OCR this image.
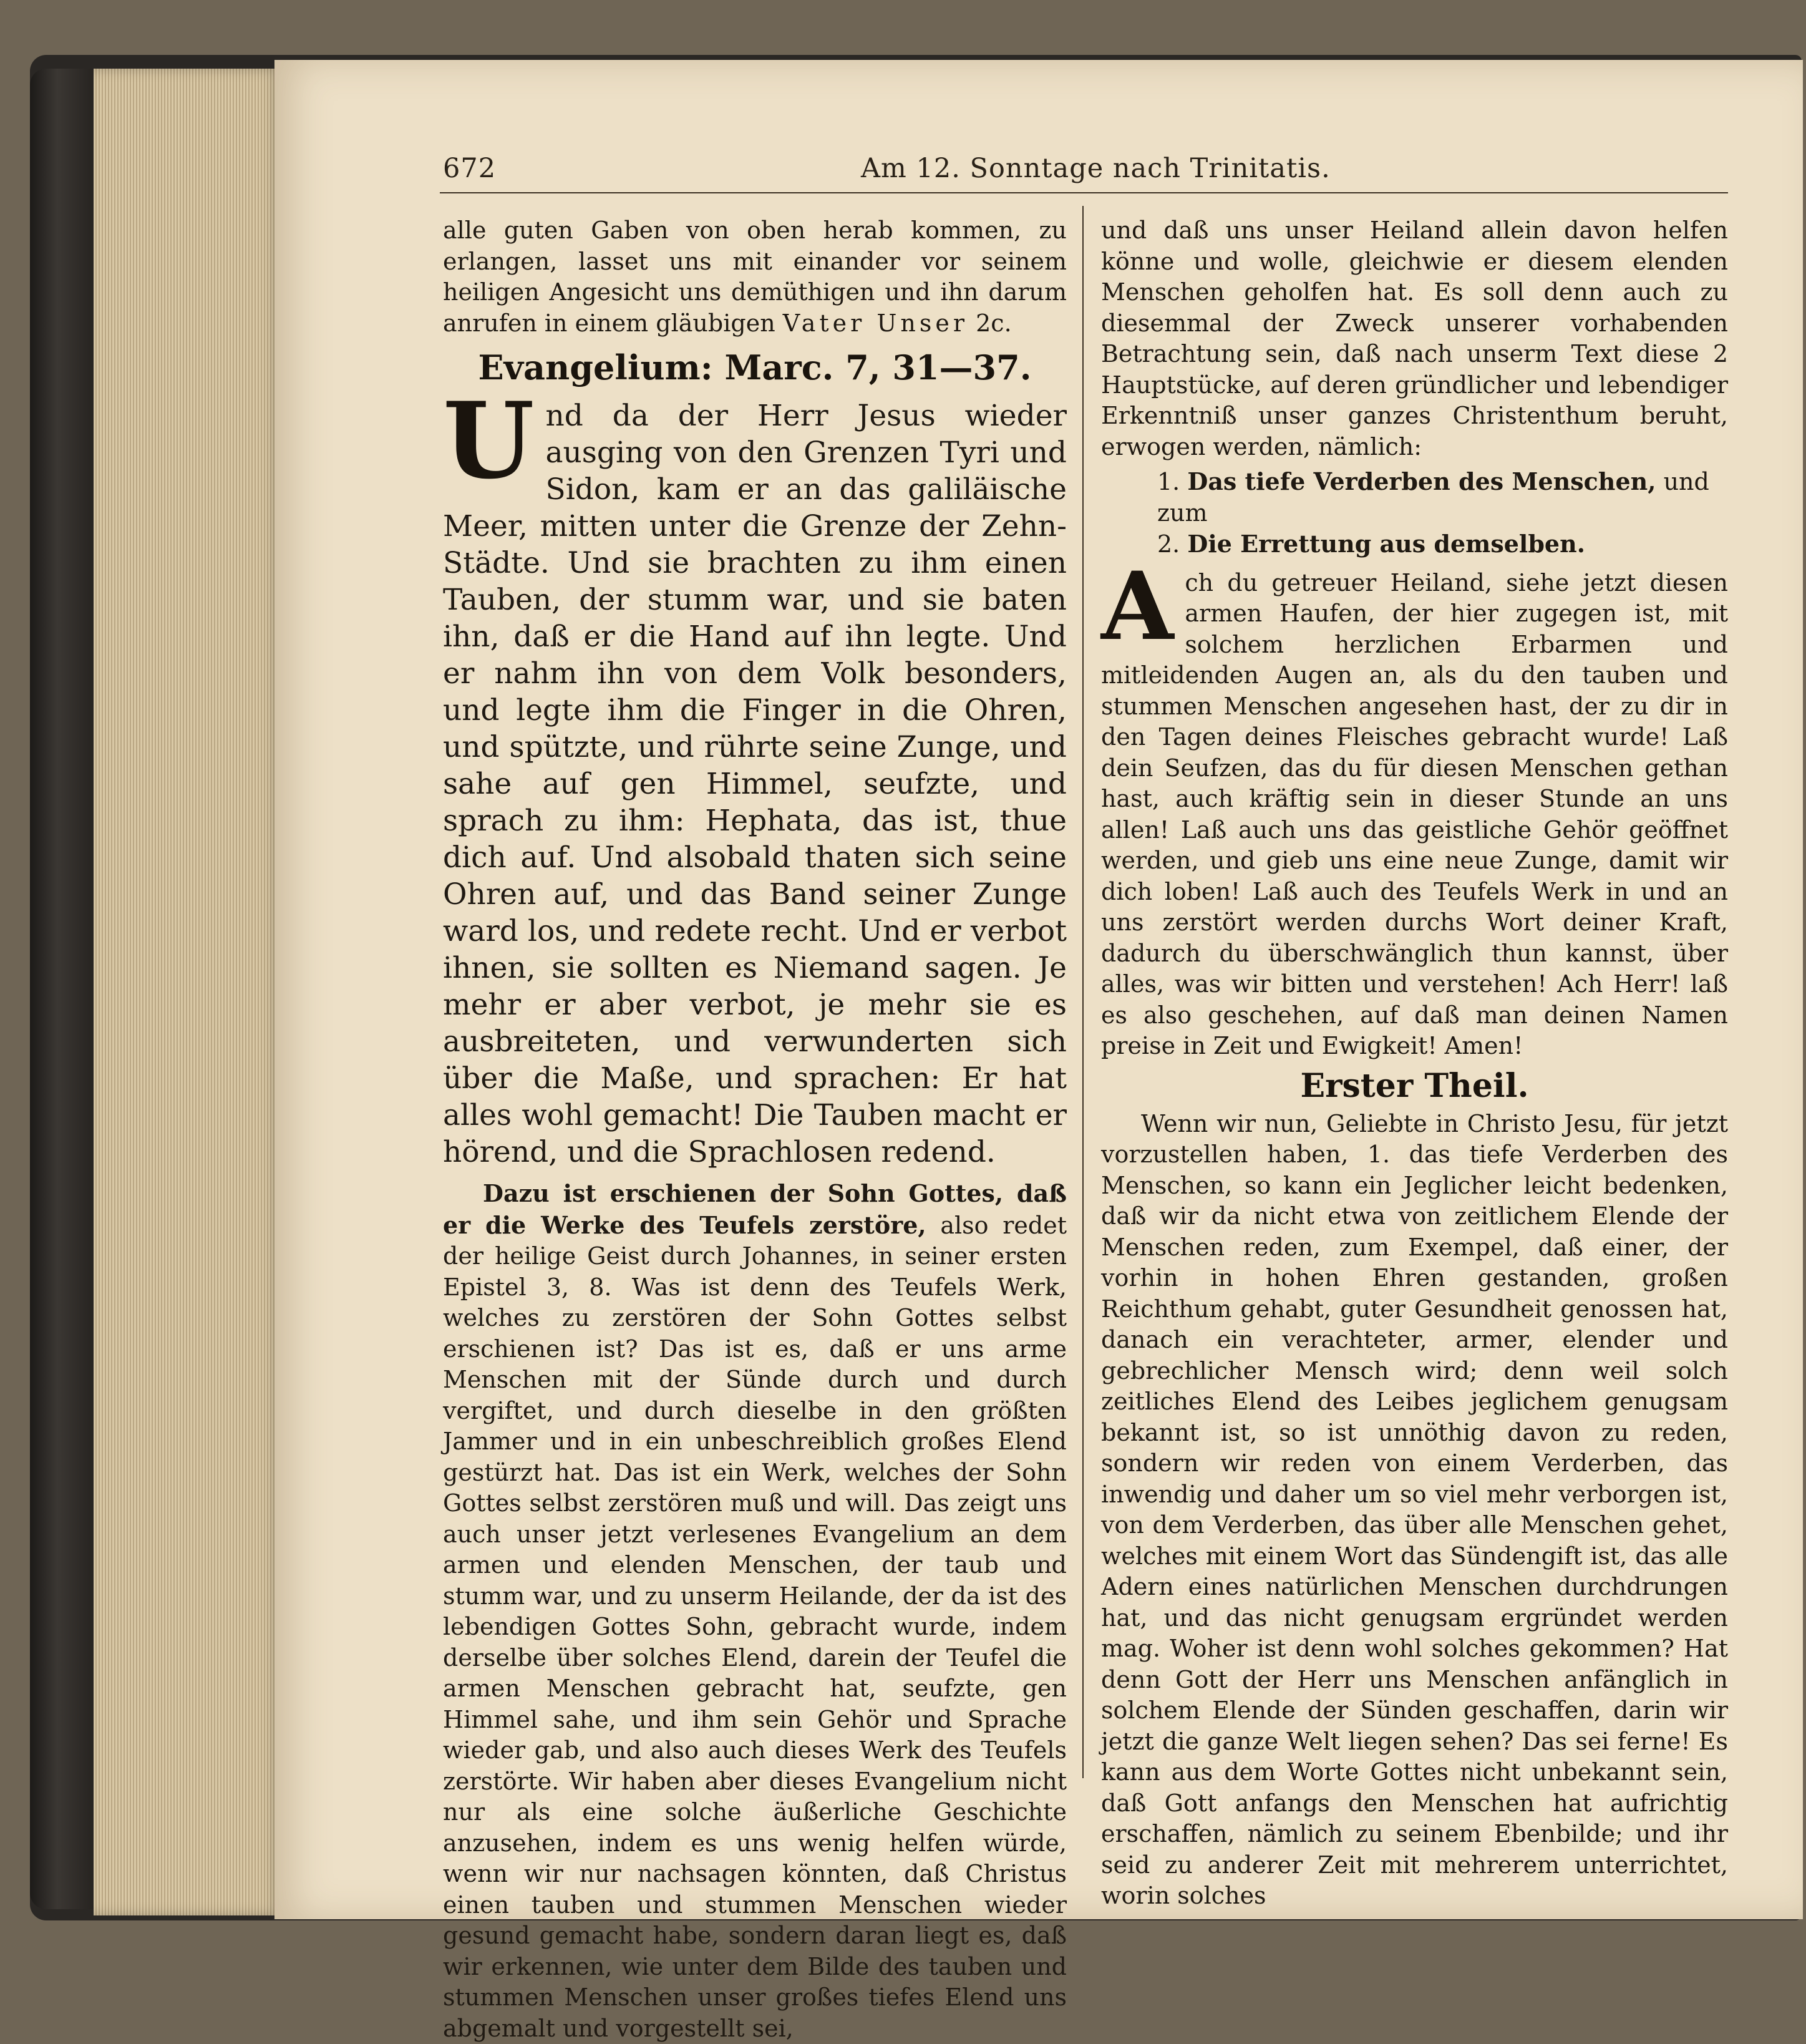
672	Am 12. Sonntage nach Trinitatis.

alle guten Gaben von oben herab kommen, zu erlangen, lasset uns mit einander vor seinem heiligen Angesicht uns demüthigen und ihn darum anrufen in einem gläubigen Vater Unser 2c.

Evangelium: Marc. 7, 31—37.

Und da der Herr Jesus wieder ausging von den Grenzen Tyri und Sidon, kam er an das galiläische Meer, mitten unter die Grenze der Zehn-Städte. Und sie brachten zu ihm einen Tauben, der stumm war, und sie baten ihn, daß er die Hand auf ihn legte. Und er nahm ihn von dem Volk besonders, und legte ihm die Finger in die Ohren, und spützte, und rührte seine Zunge, und sahe auf gen Himmel, seufzte, und sprach zu ihm: Hephata, das ist, thue dich auf. Und alsobald thaten sich seine Ohren auf, und das Band seiner Zunge ward los, und redete recht. Und er verbot ihnen, sie sollten es Niemand sagen. Je mehr er aber verbot, je mehr sie es ausbreiteten, und verwunderten sich über die Maße, und sprachen: Er hat alles wohl gemacht! Die Tauben macht er hörend, und die Sprachlosen redend.

Dazu ist erschienen der Sohn Gottes, daß er die Werke des Teufels zerstöre, also redet der heilige Geist durch Johannes, in seiner ersten Epistel 3, 8. Was ist denn des Teufels Werk, welches zu zerstören der Sohn Gottes selbst erschienen ist? Das ist es, daß er uns arme Menschen mit der Sünde durch und durch vergiftet, und durch dieselbe in den größten Jammer und in ein unbeschreiblich großes Elend gestürzt hat. Das ist ein Werk, welches der Sohn Gottes selbst zerstören muß und will. Das zeigt uns auch unser jetzt verlesenes Evangelium an dem armen und elenden Menschen, der taub und stumm war, und zu unserm Heilande, der da ist des lebendigen Gottes Sohn, gebracht wurde, indem derselbe über solches Elend, darein der Teufel die armen Menschen gebracht hat, seufzte, gen Himmel sahe, und ihm sein Gehör und Sprache wieder gab, und also auch dieses Werk des Teufels zerstörte. Wir haben aber dieses Evangelium nicht nur als eine solche äußerliche Geschichte anzusehen, indem es uns wenig helfen würde, wenn wir nur nachsagen könnten, daß Christus einen tauben und stummen Menschen wieder gesund gemacht habe, sondern daran liegt es, daß wir erkennen, wie unter dem Bilde des tauben und stummen Menschen unser großes tiefes Elend uns abgemalt und vorgestellt sei,

und daß uns unser Heiland allein davon helfen könne und wolle, gleichwie er diesem elenden Menschen geholfen hat. Es soll denn auch zu diesemmal der Zweck unserer vorhabenden Betrachtung sein, daß nach unserm Text diese 2 Hauptstücke, auf deren gründlicher und lebendiger Erkenntniß unser ganzes Christenthum beruht, erwogen werden, nämlich:

1. Das tiefe Verderben des Menschen, und zum

2. Die Errettung aus demselben.

Ach du getreuer Heiland, siehe jetzt diesen armen Haufen, der hier zugegen ist, mit solchem herzlichen Erbarmen und mitleidenden Augen an, als du den tauben und stummen Menschen angesehen hast, der zu dir in den Tagen deines Fleisches gebracht wurde! Laß dein Seufzen, das du für diesen Menschen gethan hast, auch kräftig sein in dieser Stunde an uns allen! Laß auch uns das geistliche Gehör geöffnet werden, und gieb uns eine neue Zunge, damit wir dich loben! Laß auch des Teufels Werk in und an uns zerstört werden durchs Wort deiner Kraft, dadurch du überschwänglich thun kannst, über alles, was wir bitten und verstehen! Ach Herr! laß es also geschehen, auf daß man deinen Namen preise in Zeit und Ewigkeit! Amen!

Erster Theil.

Wenn wir nun, Geliebte in Christo Jesu, für jetzt vorzustellen haben, 1. das tiefe Verderben des Menschen, so kann ein Jeglicher leicht bedenken, daß wir da nicht etwa von zeitlichem Elende der Menschen reden, zum Exempel, daß einer, der vorhin in hohen Ehren gestanden, großen Reichthum gehabt, guter Gesundheit genossen hat, danach ein verachteter, armer, elender und gebrechlicher Mensch wird; denn weil solch zeitliches Elend des Leibes jeglichem genugsam bekannt ist, so ist unnöthig davon zu reden, sondern wir reden von einem Verderben, das inwendig und daher um so viel mehr verborgen ist, von dem Verderben, das über alle Menschen gehet, welches mit einem Wort das Sündengift ist, das alle Adern eines natürlichen Menschen durchdrungen hat, und das nicht genugsam ergründet werden mag. Woher ist denn wohl solches gekommen? Hat denn Gott der Herr uns Menschen anfänglich in solchem Elende der Sünden geschaffen, darin wir jetzt die ganze Welt liegen sehen? Das sei ferne! Es kann aus dem Worte Gottes nicht unbekannt sein, daß Gott anfangs den Menschen hat aufrichtig erschaffen, nämlich zu seinem Ebenbilde; und ihr seid zu anderer Zeit mit mehrerem unterrichtet, worin solches
